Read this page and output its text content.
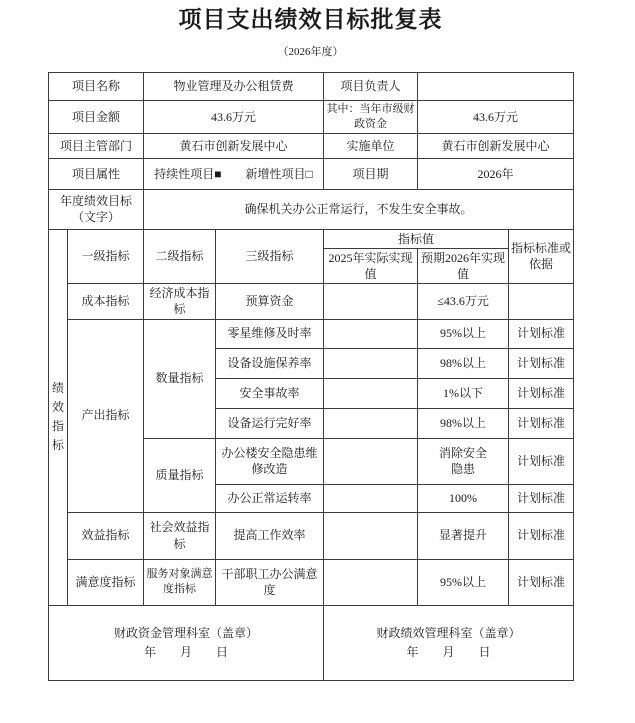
项目支出绩效目标批复表
（2026年度）
项目名称		物业管理及办公租赁费		项目负责人		
项目金额		43.6万元		其中：当年市级财政资金	43.6万元	
项目主管部门		黄石市创新发展中心		实施单位	黄石市创新发展中心	
项目属性		持续性项目■　　新增性项目□		项目期	2026年	
年度绩效目标（文字）		确保机关办公正常运行，不发生安全事故。				
绩效指标	一级指标	二级指标	三级指标	指标值		指标标准或依据
				2025年实际实现值	预期2026年实现值	
	成本指标	经济成本指标	预算资金		≤43.6万元	
	产出指标	数量指标	零星维修及时率		95%以上	计划标准
			设备设施保养率		98%以上	计划标准
			安全事故率		1%以下	计划标准
			设备运行完好率		98%以上	计划标准
		质量指标	办公楼安全隐患维修改造		消除安全隐患	计划标准
			办公正常运转率		100%	计划标准
	效益指标	社会效益指标	提高工作效率		显著提升	计划标准
	满意度指标	服务对象满意度指标	干部职工办公满意度		95%以上	计划标准

财政资金管理科室（盖章）
年　　月　　日

财政绩效管理科室（盖章）
年　　月　　日
